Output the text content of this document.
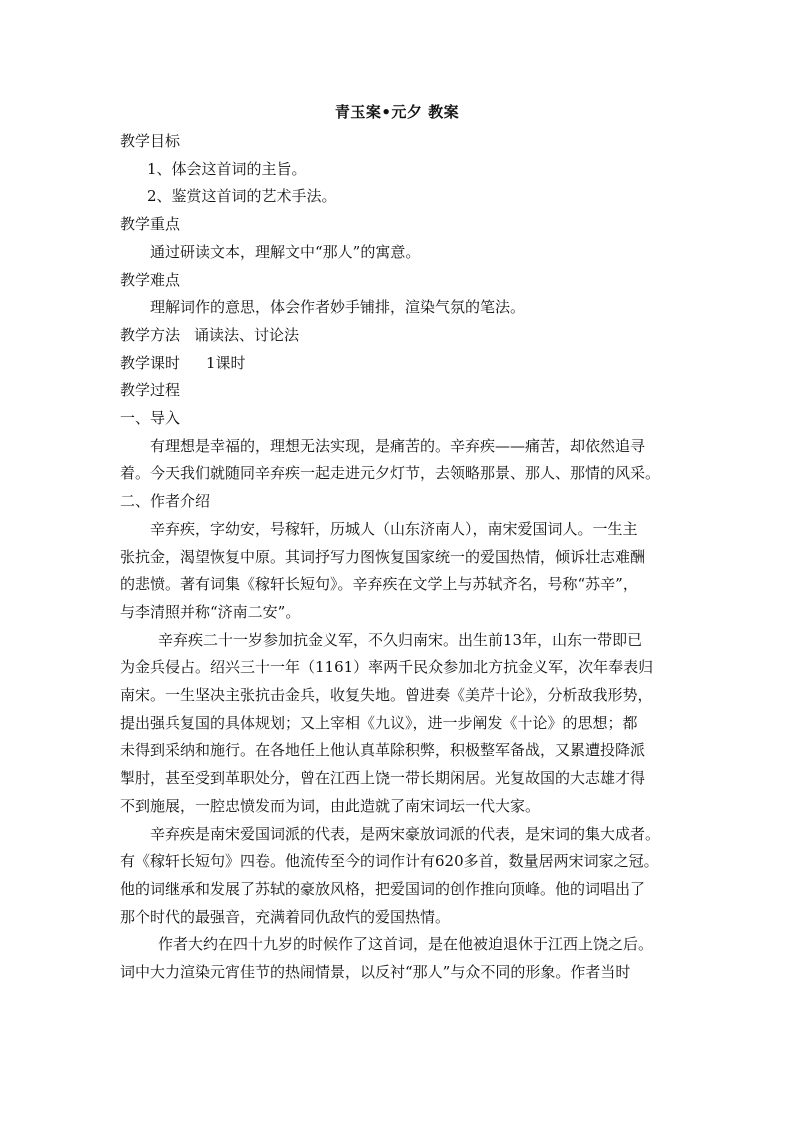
青玉案•元夕 教案
教学目标
1、体会这首词的主旨。
2、鉴赏这首词的艺术手法。
教学重点
通过研读文本，理解文中“那人”的寓意。
教学难点
理解词作的意思，体会作者妙手铺排，渲染气氛的笔法。
教学方法 诵读法、讨论法
教学课时 1课时
教学过程
一、导入
有理想是幸福的，理想无法实现，是痛苦的。辛弃疾——痛苦，却依然追寻
着。今天我们就随同辛弃疾一起走进元夕灯节，去领略那景、那人、那情的风采。
二、作者介绍
辛弃疾，字幼安，号稼轩，历城人（山东济南人），南宋爱国词人。一生主
张抗金，渴望恢复中原。其词抒写力图恢复国家统一的爱国热情，倾诉壮志难酬
的悲愤。著有词集《稼轩长短句》。辛弃疾在文学上与苏轼齐名，号称“苏辛”，
与李清照并称“济南二安”。
辛弃疾二十一岁参加抗金义军，不久归南宋。出生前13年，山东一带即已
为金兵侵占。绍兴三十一年（1161）率两千民众参加北方抗金义军，次年奉表归
南宋。一生坚决主张抗击金兵，收复失地。曾进奏《美芹十论》，分析敌我形势，
提出强兵复国的具体规划；又上宰相《九议》，进一步阐发《十论》的思想；都
未得到采纳和施行。在各地任上他认真革除积弊，积极整军备战，又累遭投降派
掣肘，甚至受到革职处分，曾在江西上饶一带长期闲居。光复故国的大志雄才得
不到施展，一腔忠愤发而为词，由此造就了南宋词坛一代大家。
辛弃疾是南宋爱国词派的代表，是两宋豪放词派的代表，是宋词的集大成者。
有《稼轩长短句》四卷。他流传至今的词作计有620多首，数量居两宋词家之冠。
他的词继承和发展了苏轼的豪放风格，把爱国词的创作推向顶峰。他的词唱出了
那个时代的最强音，充满着同仇敌忾的爱国热情。
作者大约在四十九岁的时候作了这首词，是在他被迫退休于江西上饶之后。
词中大力渲染元宵佳节的热闹情景，以反衬“那人”与众不同的形象。作者当时
